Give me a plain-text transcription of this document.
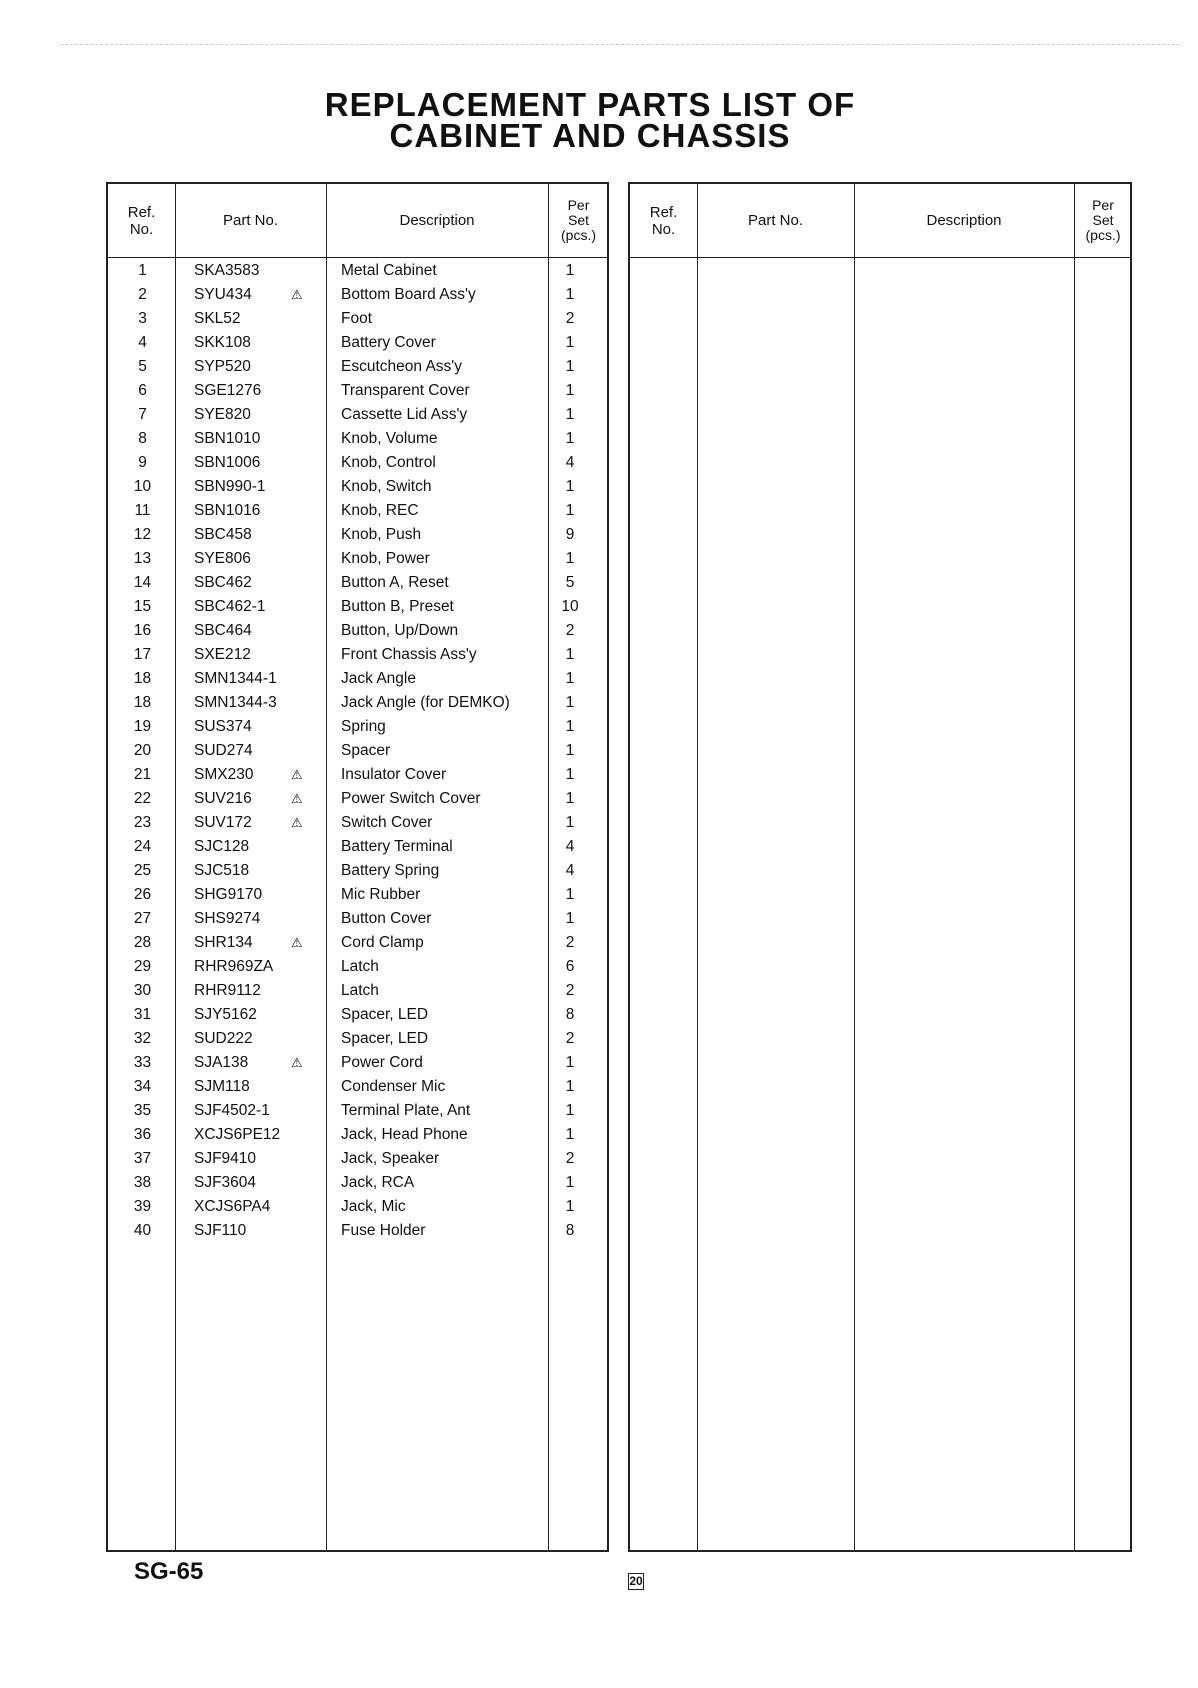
REPLACEMENT PARTS LIST OF
CABINET AND CHASSIS
Ref.
No.	Part No.	Description
Per
Set
(pcs.)
1	SKA3583	Metal Cabinet	1
2	SYU434	⚠ Bottom Board Ass'y	1
3	SKL52	Foot	2
4	SKK108	Battery Cover	1
5	SYP520	Escutcheon Ass'y	1
6	SGE1276	Transparent Cover	1
7	SYE820	Cassette Lid Ass'y	1
8	SBN1010	Knob, Volume	1
9	SBN1006	Knob, Control	4
10	SBN990-1	Knob, Switch	1
11	SBN1016	Knob, REC	1
12	SBC458	Knob, Push	9
13	SYE806	Knob, Power	1
14	SBC462	Button A, Reset	5
15	SBC462-1	Button B, Preset	10
16	SBC464	Button, Up/Down	2
17	SXE212	Front Chassis Ass'y	1
18	SMN1344-1	Jack Angle	1
18	SMN1344-3	Jack Angle (for DEMKO)	1
19	SUS374	Spring	1
20	SUD274	Spacer	1
21	SMX230	⚠ Insulator Cover	1
22	SUV216	⚠ Power Switch Cover	1
23	SUV172	⚠ Switch Cover	1
24	SJC128	Battery Terminal	4
25	SJC518	Battery Spring	4
26	SHG9170	Mic Rubber	1
27	SHS9274	Button Cover	1
28	SHR134	⚠ Cord Clamp	2
29	RHR969ZA	Latch	6
30	RHR9112	Latch	2
31	SJY5162	Spacer, LED	8
32	SUD222	Spacer, LED	2
33	SJA138	⚠ Power Cord	1
34	SJM118	Condenser Mic	1
35	SJF4502-1	Terminal Plate, Ant	1
36	XCJS6PE12	Jack, Head Phone	1
37	SJF9410	Jack, Speaker	2
38	SJF3604	Jack, RCA	1
39	XCJS6PA4	Jack, Mic	1
40	SJF110	Fuse Holder	8
Ref.
No.	Part No.	Description
Per
Set
(pcs.)
SG-65	20
